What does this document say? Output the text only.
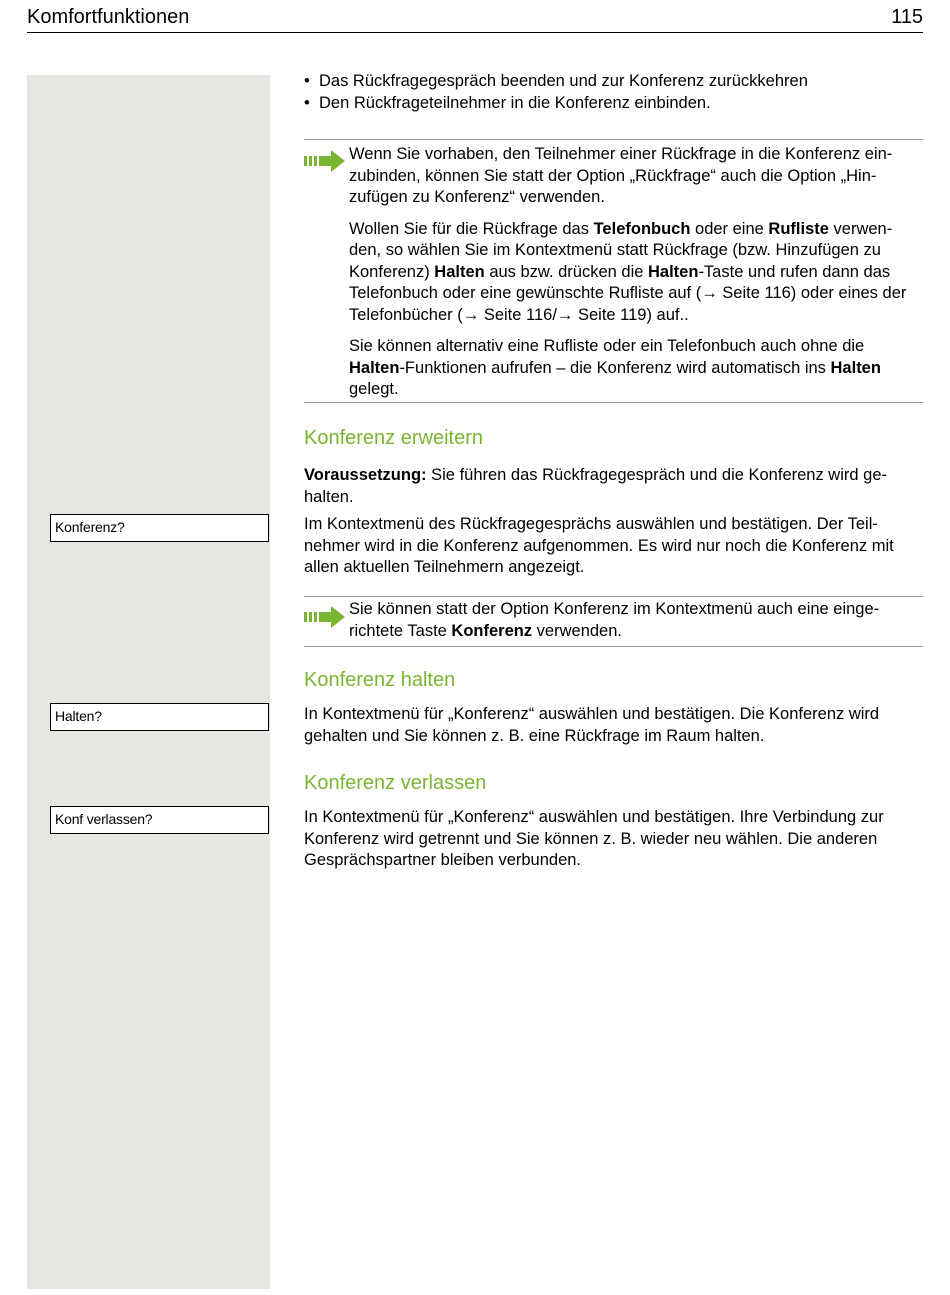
Komfortfunktionen	115
Konferenz?
Halten?
Konf verlassen?
• Das Rückfragegespräch beenden und zur Konferenz zurückkehren
• Den Rückfrageteilnehmer in die Konferenz einbinden.

Wenn Sie vorhaben, den Teilnehmer einer Rückfrage in die Konferenz ein-zubinden, können Sie statt der Option „Rückfrage“ auch die Option „Hin-zufügen zu Konferenz“ verwenden.

Wollen Sie für die Rückfrage das Telefonbuch oder eine Rufliste verwen-den, so wählen Sie im Kontextmenü statt Rückfrage (bzw. Hinzufügen zu Konferenz) Halten aus bzw. drücken die Halten-Taste und rufen dann das Telefonbuch oder eine gewünschte Rufliste auf (→ Seite 116) oder eines der Telefonbücher (→ Seite 116/→ Seite 119) auf..

Sie können alternativ eine Rufliste oder ein Telefonbuch auch ohne die Halten-Funktionen aufrufen – die Konferenz wird automatisch ins Halten gelegt.

Konferenz erweitern
Voraussetzung: Sie führen das Rückfragegespräch und die Konferenz wird ge-halten.
Im Kontextmenü des Rückfragegesprächs auswählen und bestätigen. Der Teil-nehmer wird in die Konferenz aufgenommen. Es wird nur noch die Konferenz mit allen aktuellen Teilnehmern angezeigt.
Sie können statt der Option Konferenz im Kontextmenü auch eine einge-richtete Taste Konferenz verwenden.
Konferenz halten
In Kontextmenü für „Konferenz“ auswählen und bestätigen. Die Konferenz wird gehalten und Sie können z. B. eine Rückfrage im Raum halten.
Konferenz verlassen
In Kontextmenü für „Konferenz“ auswählen und bestätigen. Ihre Verbindung zur Konferenz wird getrennt und Sie können z. B. wieder neu wählen. Die anderen Gesprächspartner bleiben verbunden.
